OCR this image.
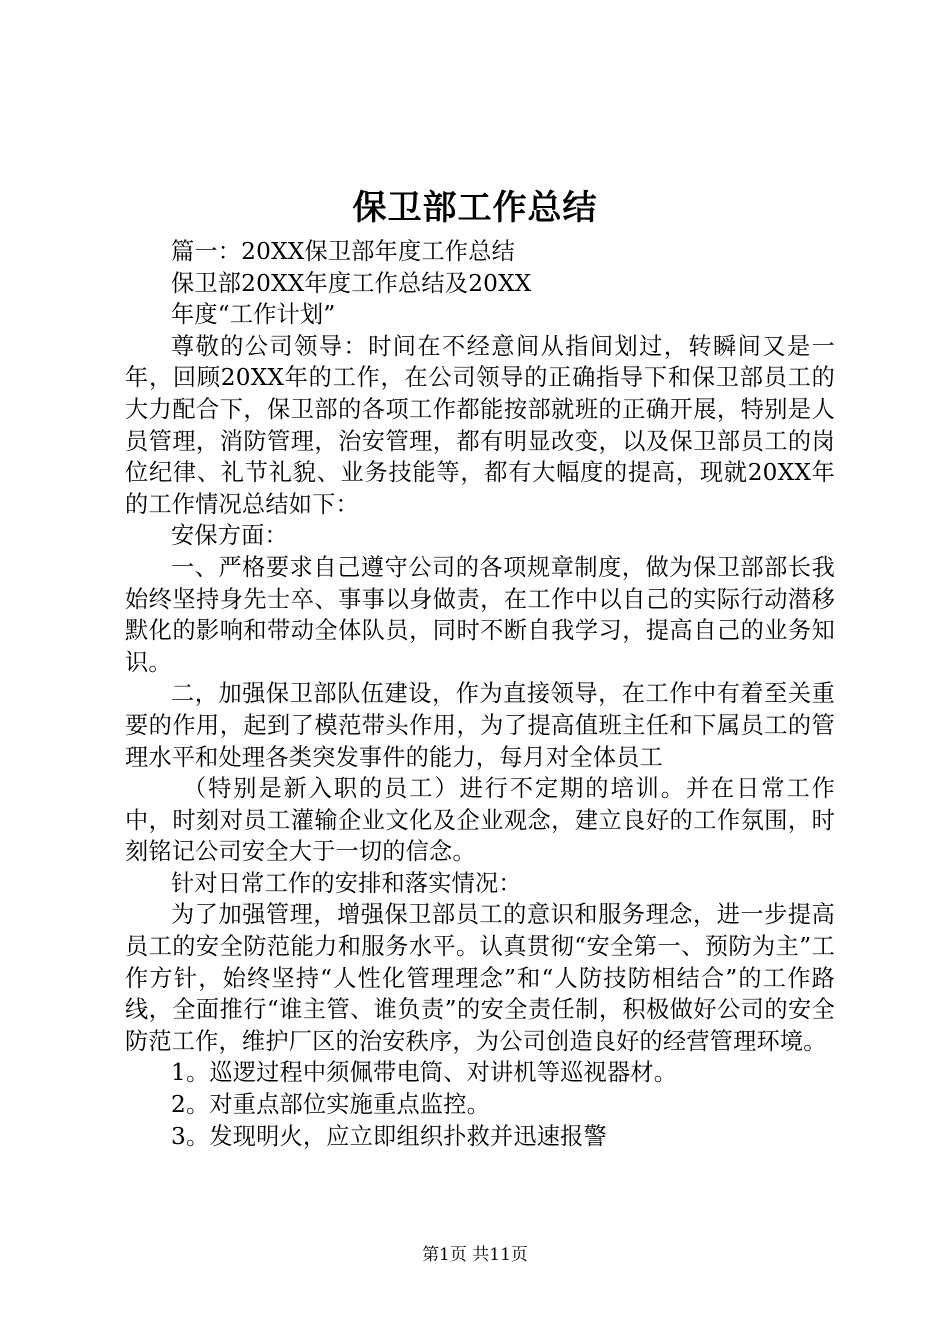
保卫部工作总结

篇一：20XX保卫部年度工作总结

保卫部20XX年度工作总结及20XX

年度“工作计划”

尊敬的公司领导：时间在不经意间从指间划过，转瞬间又是一年，回顾20XX年的工作，在公司领导的正确指导下和保卫部员工的大力配合下，保卫部的各项工作都能按部就班的正确开展，特别是人员管理，消防管理，治安管理，都有明显改变，以及保卫部员工的岗位纪律、礼节礼貌、业务技能等，都有大幅度的提高，现就20XX年的工作情况总结如下：

安保方面：

一、严格要求自己遵守公司的各项规章制度，做为保卫部部长我始终坚持身先士卒、事事以身做责，在工作中以自己的实际行动潜移默化的影响和带动全体队员，同时不断自我学习，提高自己的业务知识。

二，加强保卫部队伍建设，作为直接领导，在工作中有着至关重要的作用，起到了模范带头作用，为了提高值班主任和下属员工的管理水平和处理各类突发事件的能力，每月对全体员工

（特别是新入职的员工）进行不定期的培训。并在日常工作中，时刻对员工灌输企业文化及企业观念，建立良好的工作氛围，时刻铭记公司安全大于一切的信念。

针对日常工作的安排和落实情况：

为了加强管理，增强保卫部员工的意识和服务理念，进一步提高员工的安全防范能力和服务水平。认真贯彻“安全第一、预防为主”工作方针，始终坚持“人性化管理理念”和“人防技防相结合”的工作路线，全面推行“谁主管、谁负责”的安全责任制，积极做好公司的安全防范工作，维护厂区的治安秩序，为公司创造良好的经营管理环境。

1。巡逻过程中须佩带电筒、对讲机等巡视器材。

2。对重点部位实施重点监控。

3。发现明火，应立即组织扑救并迅速报警

第1页 共11页
